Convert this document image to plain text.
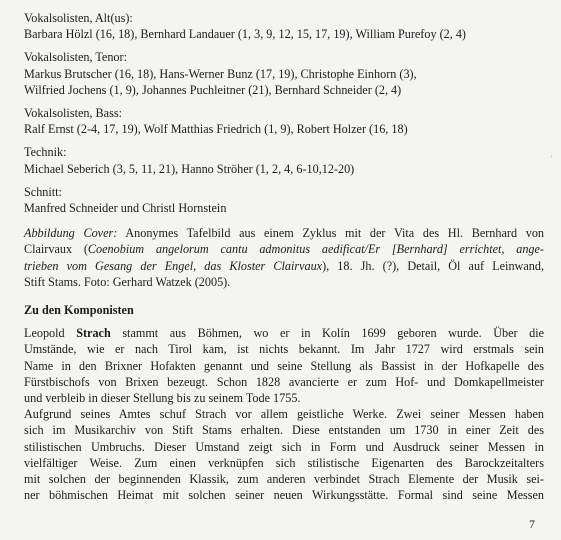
Vokalsolisten, Alt(us):
Barbara Hölzl (16, 18), Bernhard Landauer (1, 3, 9, 12, 15, 17, 19), William Purefoy (2, 4)
Vokalsolisten, Tenor:
Markus Brutscher (16, 18), Hans-Werner Bunz (17, 19), Christophe Einhorn (3),
Wilfried Jochens (1, 9), Johannes Puchleitner (21), Bernhard Schneider (2, 4)
Vokalsolisten, Bass:
Ralf Ernst (2-4, 17, 19), Wolf Matthias Friedrich (1, 9), Robert Holzer (16, 18)
Technik:
Michael Seberich (3, 5, 11, 21), Hanno Ströher (1, 2, 4, 6-10,12-20)
Schnitt:
Manfred Schneider und Christl Hornstein
Abbildung Cover: Anonymes Tafelbild aus einem Zyklus mit der Vita des Hl. Bernhard von
Clairvaux (Coenobium angelorum cantu admonitus aedificat/Er [Bernhard] errichtet, ange-
trieben vom Gesang der Engel, das Kloster Clairvaux), 18. Jh. (?), Detail, Öl auf Leinwand,
Stift Stams. Foto: Gerhard Watzek (2005).
Zu den Komponisten
Leopold Strach stammt aus Böhmen, wo er in Kolín 1699 geboren wurde. Über die
Umstände, wie er nach Tirol kam, ist nichts bekannt. Im Jahr 1727 wird erstmals sein
Name in den Brixner Hofakten genannt und seine Stellung als Bassist in der Hofkapelle des
Fürstbischofs von Brixen bezeugt. Schon 1828 avancierte er zum Hof- und Domkapellmeister
und verbleib in dieser Stellung bis zu seinem Tode 1755.
Aufgrund seines Amtes schuf Strach vor allem geistliche Werke. Zwei seiner Messen haben
sich im Musikarchiv von Stift Stams erhalten. Diese entstanden um 1730 in einer Zeit des
stilistischen Umbruchs. Dieser Umstand zeigt sich in Form und Ausdruck seiner Messen in
vielfältiger Weise. Zum einen verknüpfen sich stilistische Eigenarten des Barockzeitalters
mit solchen der beginnenden Klassik, zum anderen verbindet Strach Elemente der Musik sei-
ner böhmischen Heimat mit solchen seiner neuen Wirkungsstätte. Formal sind seine Messen
ʿ
7
